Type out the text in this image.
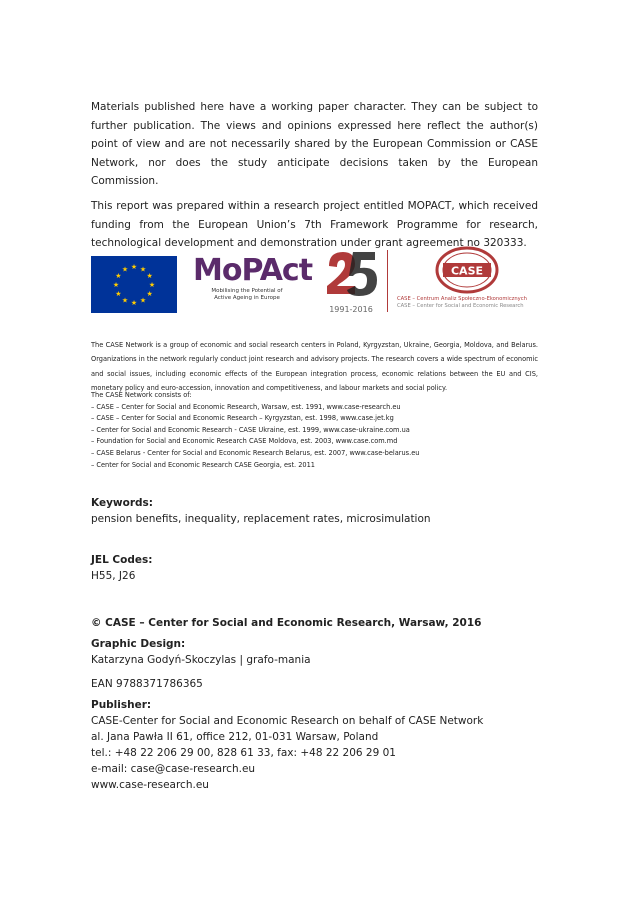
Materials published here have a working paper character. They can be subject to further publication. The views and opinions expressed here reflect the author(s) point of view and are not necessarily shared by the European Commission or CASE Network, nor does the study anticipate decisions taken by the European Commission.

This report was prepared within a research project entitled MOPACT, which received funding from the European Union’s 7th Framework Programme for research, technological development and demonstration under grant agreement no 320333.

★ ★
★
★
★
★
★
★
★
★
★
★ MoPAct
Mobilising the Potential of
Active Ageing in Europe
1991-2016
CASE
CASE – Centrum Analiz Społeczno-Ekonomicznych
CASE – Center for Social and Economic Research

The CASE Network is a group of economic and social research centers in Poland, Kyrgyzstan, Ukraine, Georgia, Moldova, and Belarus. Organizations in the network regularly conduct joint research and advisory projects. The research covers a wide spectrum of economic and social issues, including economic effects of the European integration process, economic relations between the EU and CIS, monetary policy and euro-accession, innovation and competitiveness, and labour markets and social policy.

The CASE Network consists of:
– CASE – Center for Social and Economic Research, Warsaw, est. 1991, www.case-research.eu
– CASE – Center for Social and Economic Research – Kyrgyzstan, est. 1998, www.case.jet.kg
– Center for Social and Economic Research - CASE Ukraine, est. 1999, www.case-ukraine.com.ua
– Foundation for Social and Economic Research CASE Moldova, est. 2003, www.case.com.md
– CASE Belarus - Center for Social and Economic Research Belarus, est. 2007, www.case-belarus.eu
– Center for Social and Economic Research CASE Georgia, est. 2011
Keywords:
pension benefits, inequality, replacement rates, microsimulation
JEL Codes:
H55, J26
© CASE – Center for Social and Economic Research, Warsaw, 2016
Graphic Design:
Katarzyna Godyń-Skoczylas | grafo-mania
EAN 9788371786365
Publisher:
CASE-Center for Social and Economic Research on behalf of CASE Network
al. Jana Pawła II 61, office 212, 01-031 Warsaw, Poland
tel.: +48 22 206 29 00, 828 61 33, fax: +48 22 206 29 01
e-mail: case@case-research.eu
www.case-research.eu
